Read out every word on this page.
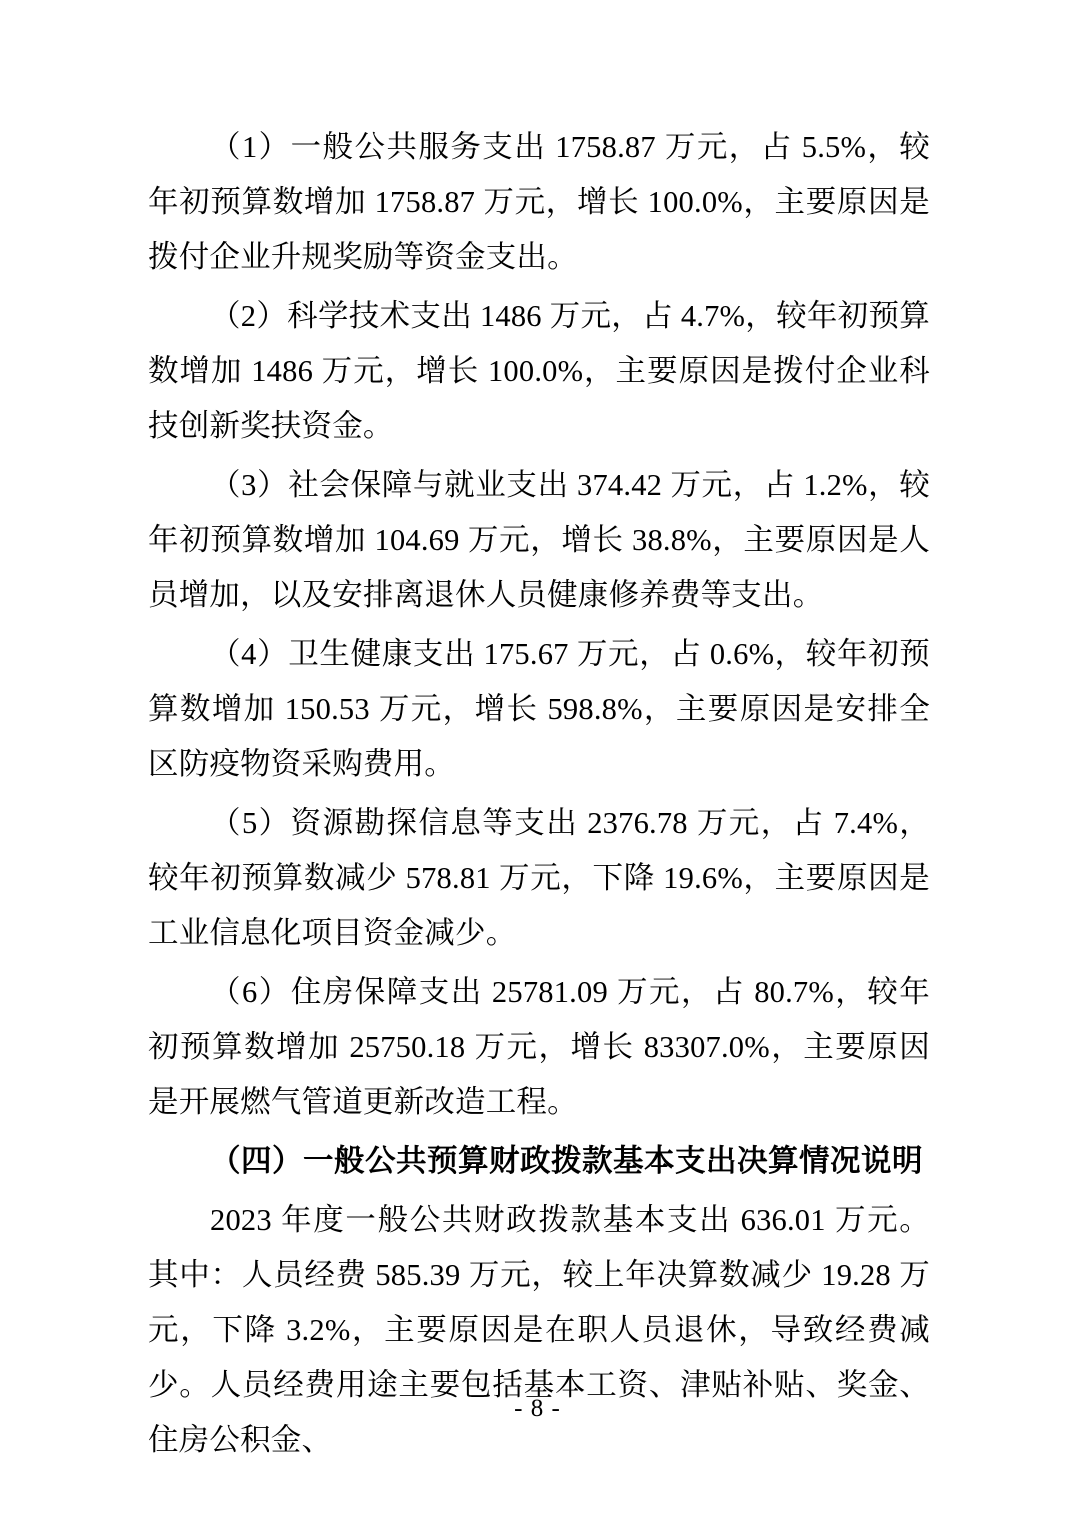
（1）一般公共服务支出 1758.87 万元，占 5.5%，较年初预算数增加 1758.87 万元，增长 100.0%，主要原因是拨付企业升规奖励等资金支出。

（2）科学技术支出 1486 万元，占 4.7%，较年初预算数增加 1486 万元，增长 100.0%，主要原因是拨付企业科技创新奖扶资金。

（3）社会保障与就业支出 374.42 万元，占 1.2%，较年初预算数增加 104.69 万元，增长 38.8%，主要原因是人员增加，以及安排离退休人员健康修养费等支出。

（4）卫生健康支出 175.67 万元，占 0.6%，较年初预算数增加 150.53 万元，增长 598.8%，主要原因是安排全区防疫物资采购费用。

（5）资源勘探信息等支出 2376.78 万元，占 7.4%，较年初预算数减少 578.81 万元，下降 19.6%，主要原因是工业信息化项目资金减少。

（6）住房保障支出 25781.09 万元，占 80.7%，较年初预算数增加 25750.18 万元，增长 83307.0%，主要原因是开展燃气管道更新改造工程。

（四）一般公共预算财政拨款基本支出决算情况说明

2023 年度一般公共财政拨款基本支出 636.01 万元。其中：人员经费 585.39 万元，较上年决算数减少 19.28 万元，下降 3.2%，主要原因是在职人员退休，导致经费减少。人员经费用途主要包括基本工资、津贴补贴、奖金、住房公积金、

- 8 -
